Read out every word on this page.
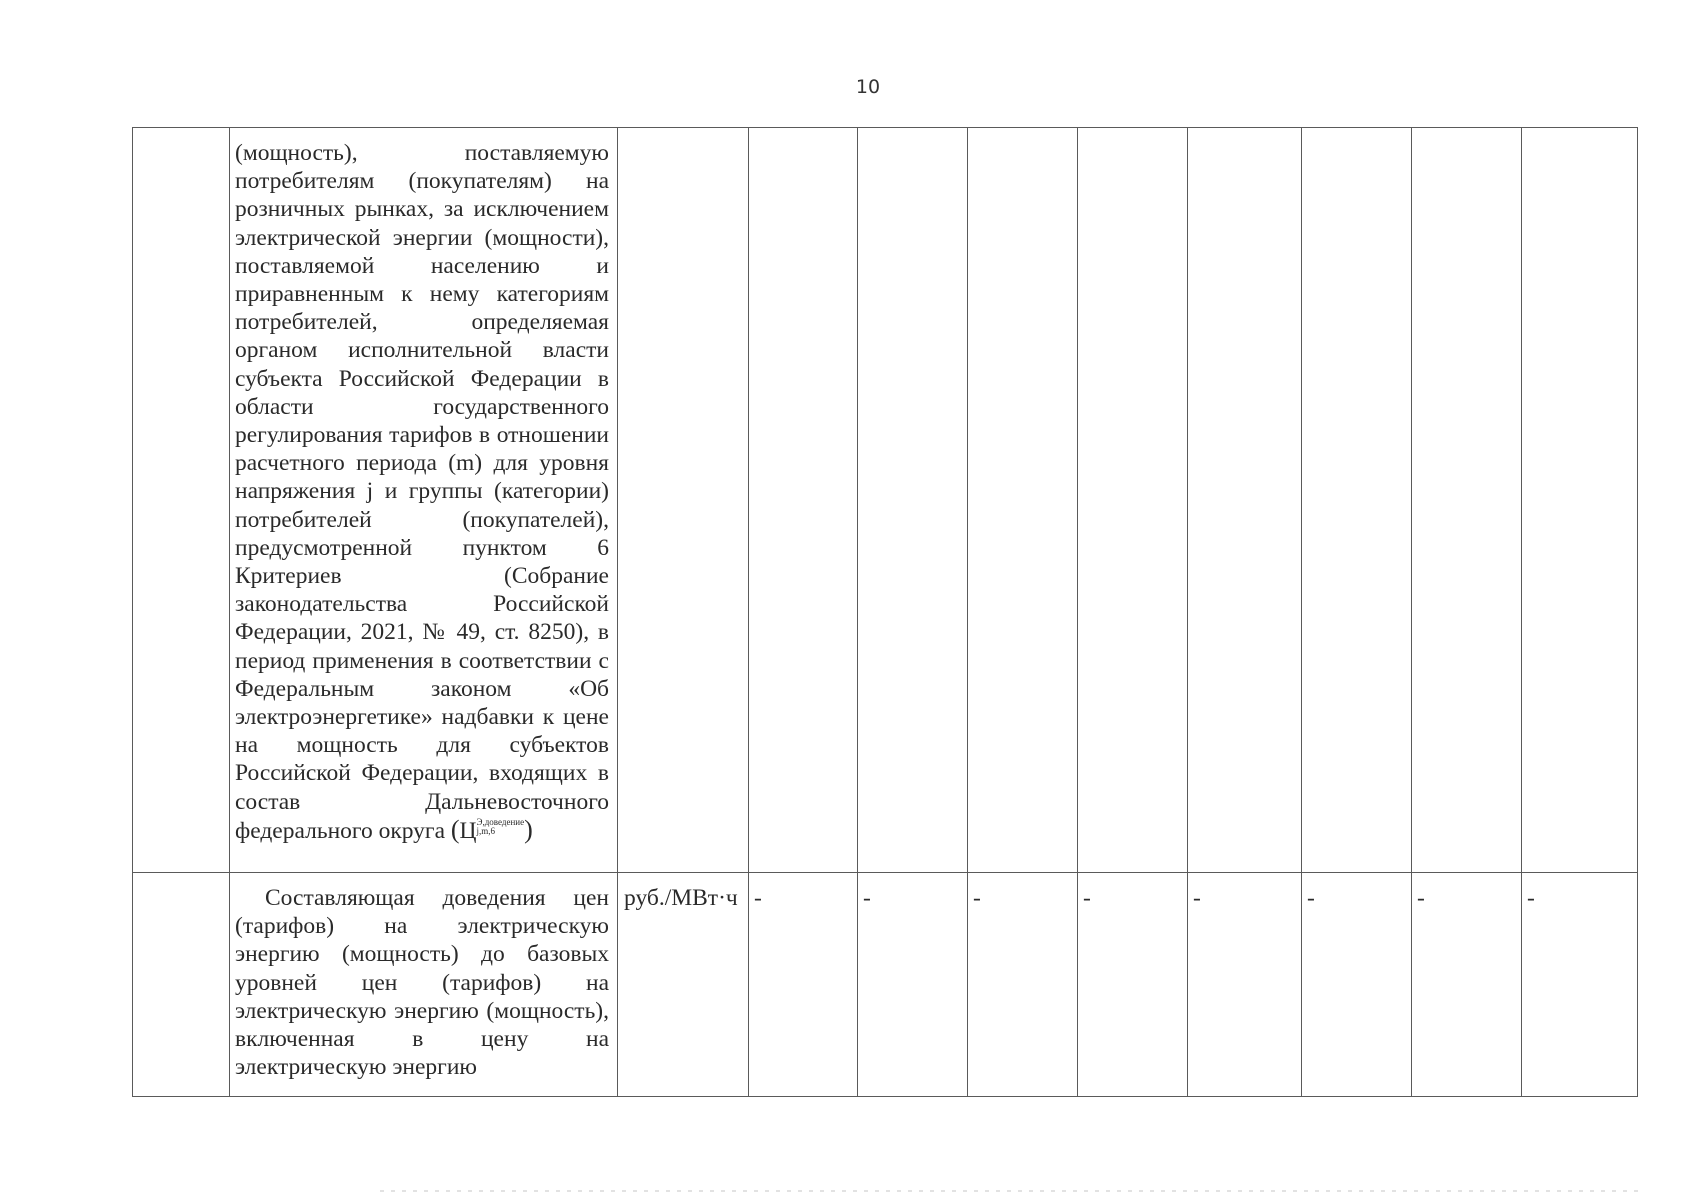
10

	(мощность), поставляемую потребителям (покупателям) на розничных рынках, за исключением электрической энергии (мощности), поставляемой населению и приравненным к нему категориям потребителей, определяемая органом исполнительной власти субъекта Российской Федерации в области государственного регулирования тарифов в отношении расчетного периода (m) для уровня напряжения j и группы (категории) потребителей (покупателей), предусмотренной пунктом 6 Критериев (Собрание законодательства Российской Федерации, 2021, № 49, ст. 8250), в период применения в соответствии с Федеральным законом «Об электроэнергетике» надбавки к цене на мощность для субъектов Российской Федерации, входящих в состав Дальневосточного федерального округа (Ц Э,доведение
j,m,6 )									

	Составляющая доведения цен (тарифов) на электрическую энергию (мощность) до базовых уровней цен (тарифов) на электрическую энергию (мощность), включенная в цену на электрическую энергию	руб./МВт·ч	-	-	-	-	-	-	-	-
